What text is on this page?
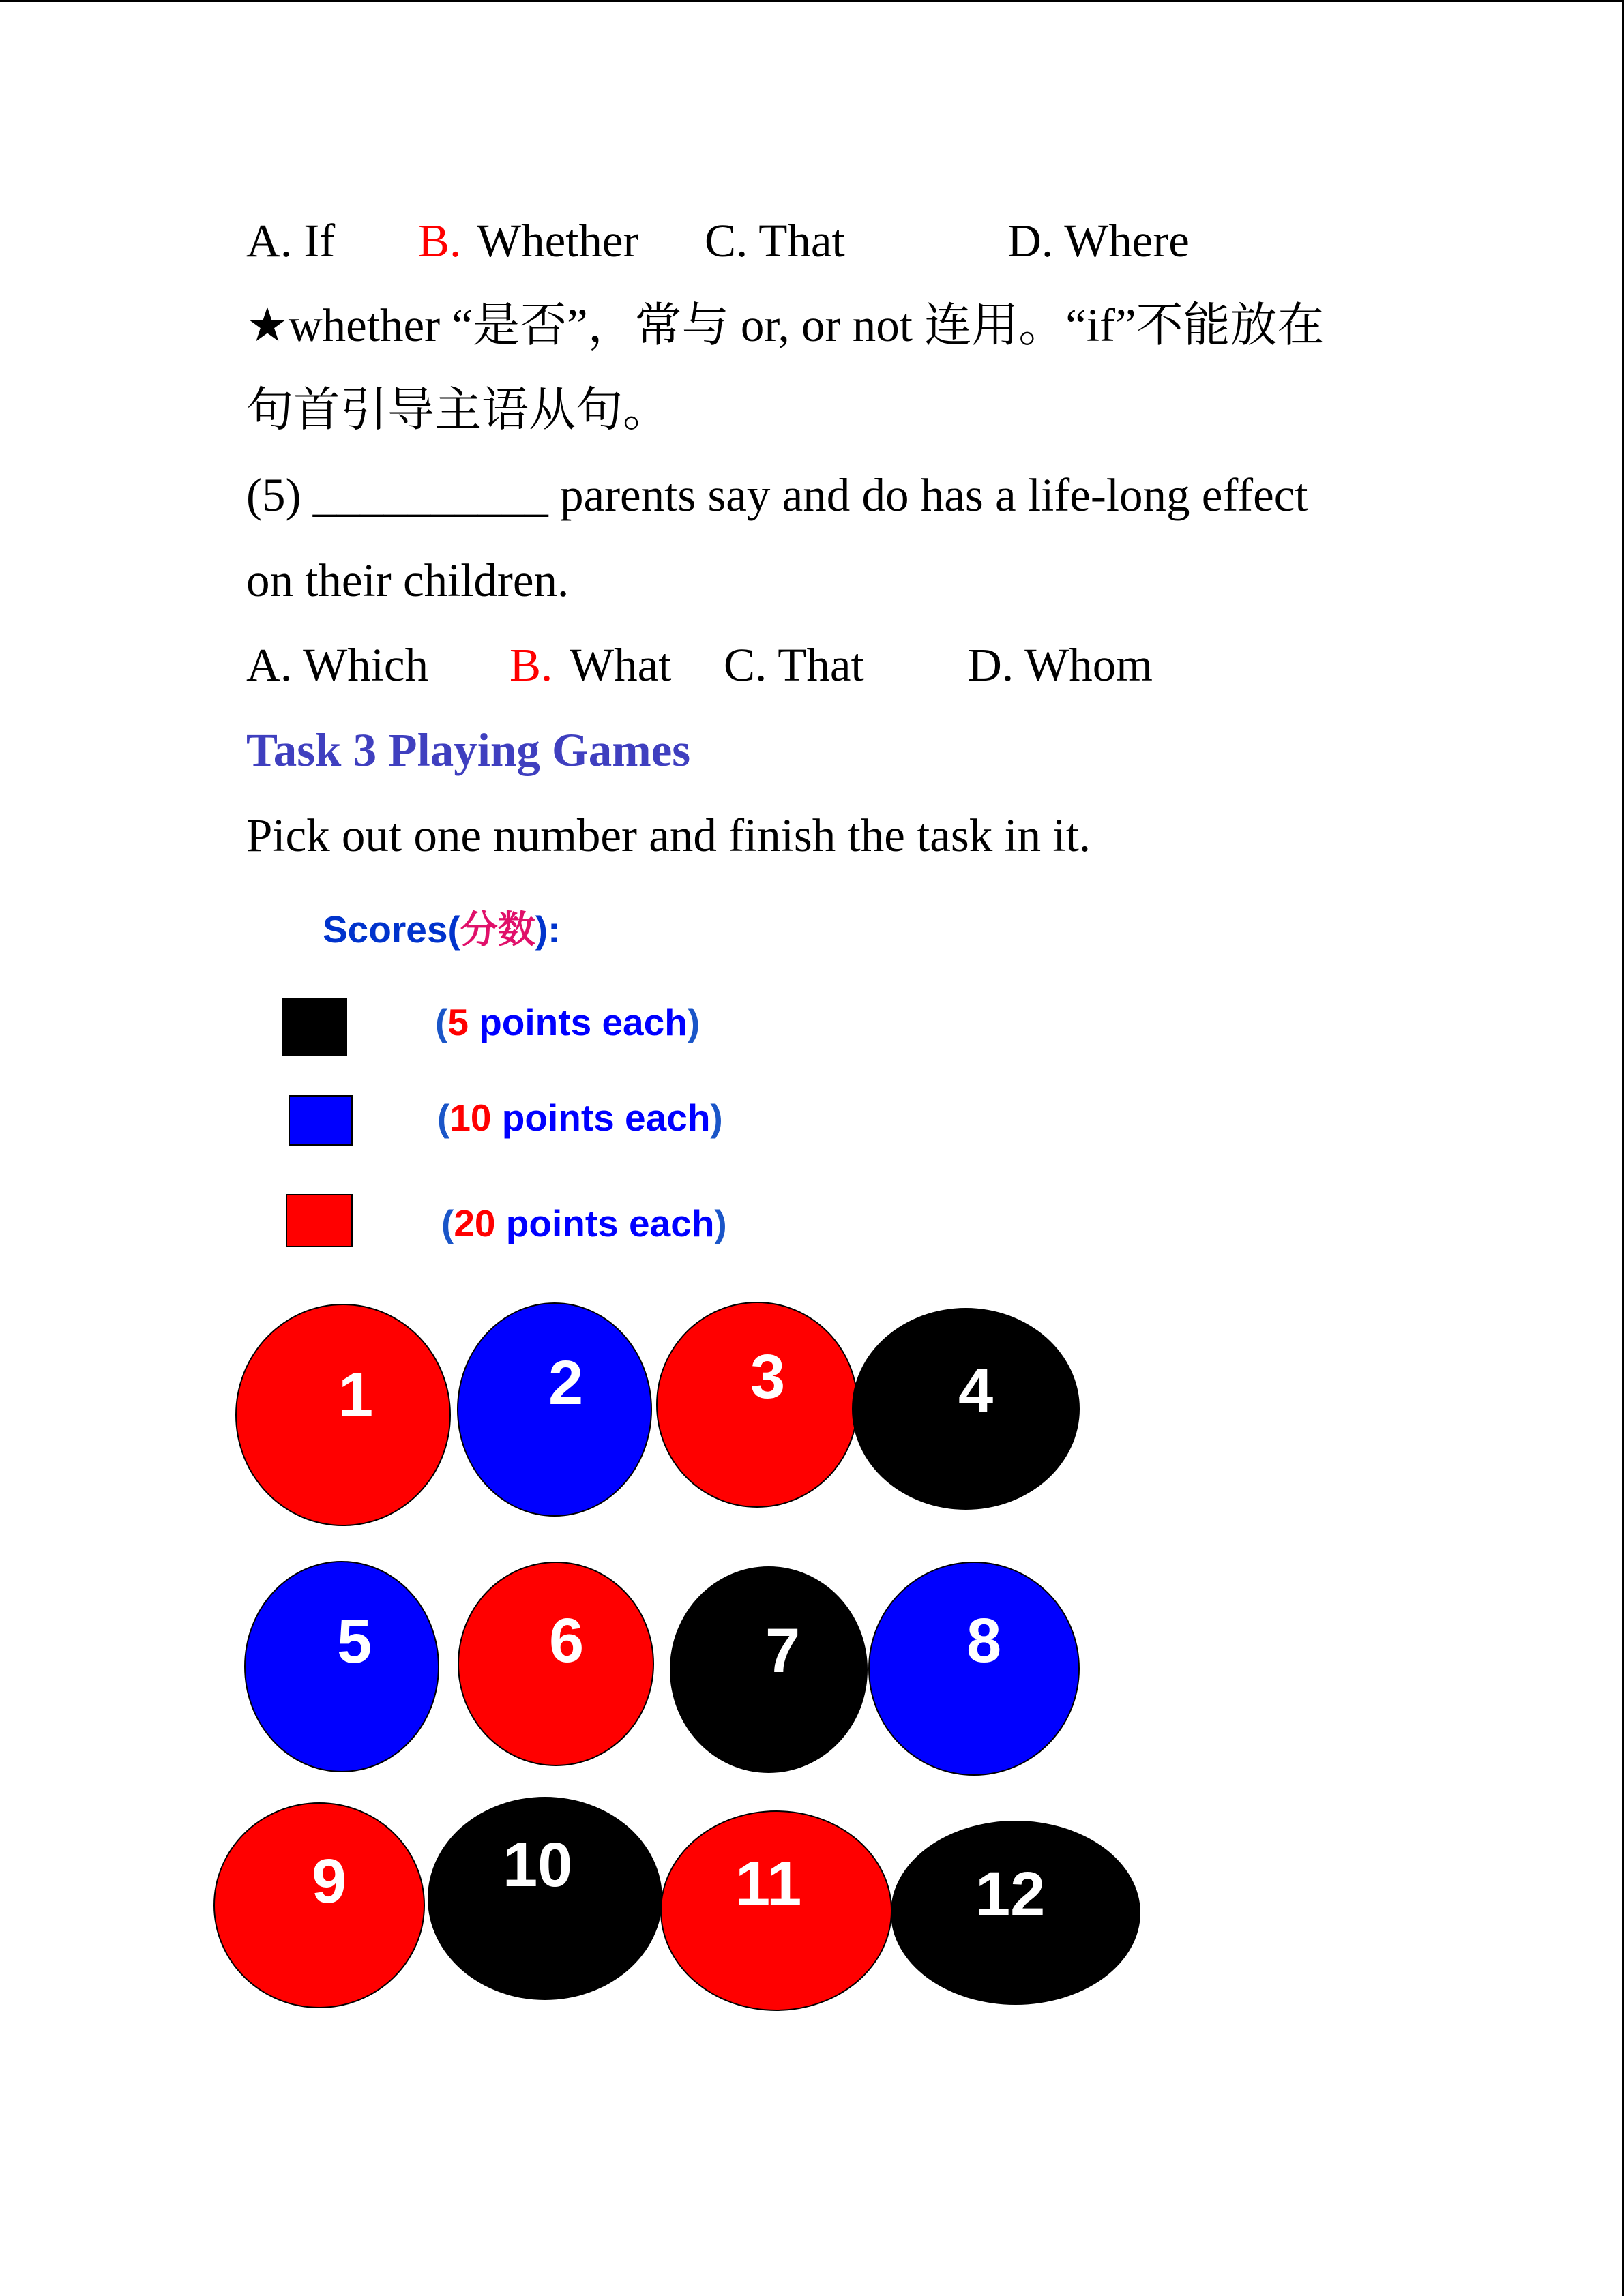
A. If B. Whether C. That	D. Where
★whether “是否”，常与 or, or not 连用。“if”不能放在
句首引导主语从句。
(5) __________ parents say and do has a life-long effect
on their children.
A. Which B. What C. That D. Whom
Task 3 Playing Games
Pick out one number and finish the task in it.
Scores(分数):
(5 points each)
(10 points each)
(20 points each)
1	2	3	4
5	6	7	8
9 10	11	12
